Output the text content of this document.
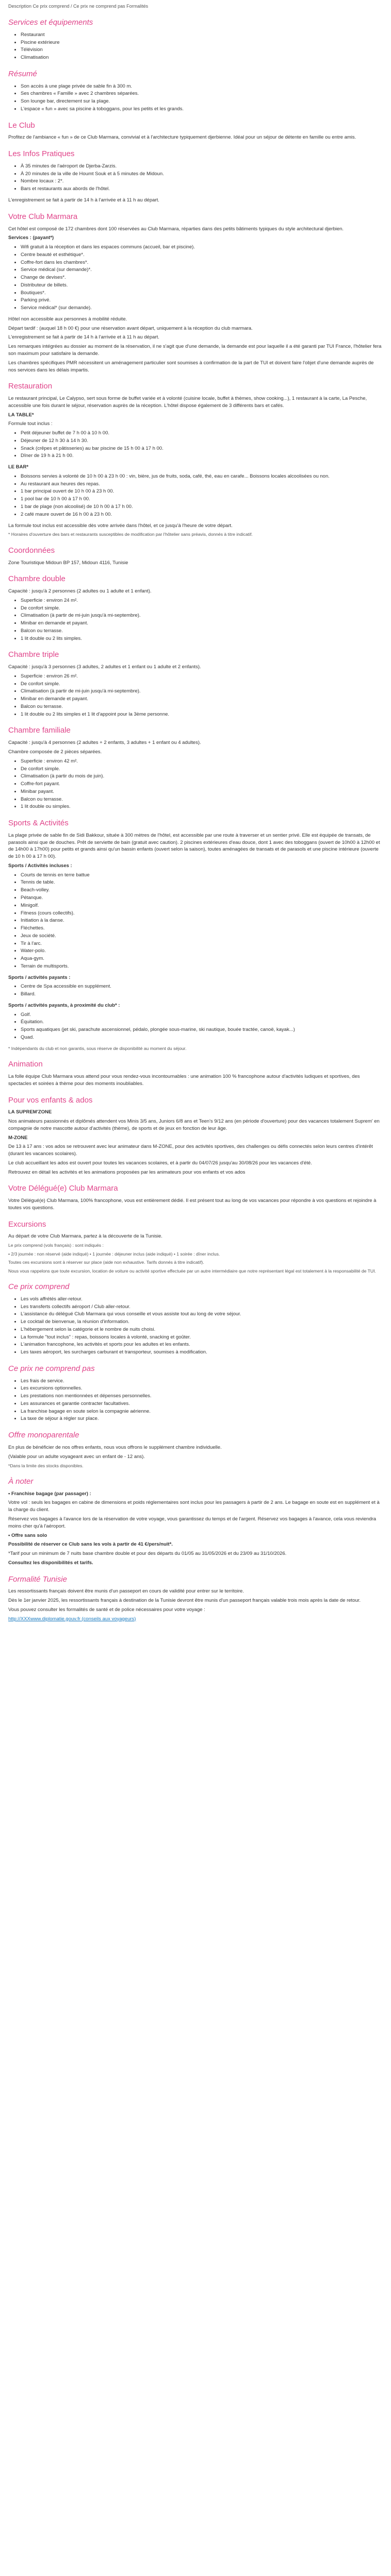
Description Ce prix comprend / Ce prix ne comprend pas Formalités
Services et équipements
• Restaurant
• Piscine extérieure
• Télévision
• Climatisation
Résumé
• Son accès à une plage privée de sable fin à 300 m.
• Ses chambres « Famille » avec 2 chambres séparées.
• Son lounge bar, directement sur la plage.
• L'espace « fun » avec sa piscine à toboggans, pour les petits et les grands.
Le Club

Profitez de l'ambiance « fun » de ce Club Marmara, convivial et à l'architecture typiquement djerbienne. Idéal pour un séjour de détente en famille ou entre amis.

Les Infos Pratiques
• À 35 minutes de l'aéroport de Djerba-Zarzis.
• À 20 minutes de la ville de Houmt Souk et à 5 minutes de Midoun.
• Nombre locaux : 2*.
• Bars et restaurants aux abords de l'hôtel.

L'enregistrement se fait à partir de 14 h à l'arrivée et à 11 h au départ.

Votre Club Marmara

Cet hôtel est composé de 172 chambres dont 100 réservées au Club Marmara, réparties dans des petits bâtiments typiques du style architectural djerbien.

Services : (payant*)

• Wifi gratuit à la réception et dans les espaces communs (accueil, bar et piscine).
• Centre beauté et esthétique*.
• Coffre-fort dans les chambres*.
• Service médical (sur demande)*.
• Change de devises*.
• Distributeur de billets.
• Boutiques*.
• Parking privé.
• Service médical* (sur demande).

Hôtel non accessible aux personnes à mobilité réduite.

Départ tardif : (auquel 18 h 00 €) pour une réservation avant départ, uniquement à la réception du club marmara.

L'enregistrement se fait à partir de 14 h à l'arrivée et à 11 h au départ.

Les remarques intégrées au dossier au moment de la réservation, il ne s'agit que d'une demande, la demande est pour laquelle il a été garanti par TUI France, l'hôtelier fera son maximum pour satisfaire la demande.

Les chambres spécifiques PMR nécessitent un aménagement particulier sont soumises à confirmation de la part de TUI et doivent faire l'objet d'une demande auprès de nos services dans les délais impartis.

Restauration

Le restaurant principal, Le Calypso, sert sous forme de buffet variée et à volonté (cuisine locale, buffet à thèmes, show cooking...), 1 restaurant à la carte, La Pesche, accessible une fois durant le séjour, réservation auprès de la réception. L'hôtel dispose également de 3 différents bars et cafés.

LA TABLE*

Formule tout inclus :

• Petit déjeuner buffet de 7 h 00 à 10 h 00.
• Déjeuner de 12 h 30 à 14 h 30.
• Snack (crêpes et pâtisseries) au bar piscine de 15 h 00 à 17 h 00.
• Dîner de 19 h à 21 h 00.

LE BAR*

• Boissons servies à volonté de 10 h 00 à 23 h 00 : vin, bière, jus de fruits, soda, café, thé, eau en carafe... Boissons locales alcoolisées ou non.
• Au restaurant aux heures des repas.
• 1 bar principal ouvert de 10 h 00 à 23 h 00.
• 1 pool bar de 10 h 00 à 17 h 00.
• 1 bar de plage (non alcoolisé) de 10 h 00 à 17 h 00.
• 2 café maure ouvert de 16 h 00 à 23 h 00.

La formule tout inclus est accessible dès votre arrivée dans l'hôtel, et ce jusqu'à l'heure de votre départ.

* Horaires d'ouverture des bars et restaurants susceptibles de modification par l'hôtelier sans préavis, donnés à titre indicatif.

Coordonnées

Zone Touristique Midoun BP 157, Midoun 4116, Tunisie

Chambre double

Capacité : jusqu'à 2 personnes (2 adultes ou 1 adulte et 1 enfant).

• Superficie : environ 24 m².
• De confort simple.
• Climatisation (à partir de mi-juin jusqu'à mi-septembre).
• Minibar en demande et payant.
• Balcon ou terrasse.
• 1 lit double ou 2 lits simples.
Chambre triple

Capacité : jusqu'à 3 personnes (3 adultes, 2 adultes et 1 enfant ou 1 adulte et 2 enfants).

• Superficie : environ 26 m².
• De confort simple.
• Climatisation (à partir de mi-juin jusqu'à mi-septembre).
• Minibar en demande et payant.
• Balcon ou terrasse.
• 1 lit double ou 2 lits simples et 1 lit d'appoint pour la 3ème personne.
Chambre familiale

Capacité : jusqu'à 4 personnes (2 adultes + 2 enfants, 3 adultes + 1 enfant ou 4 adultes).

Chambre composée de 2 pièces séparées.

• Superficie : environ 42 m².
• De confort simple.
• Climatisation (à partir du mois de juin).
• Coffre-fort payant.
• Minibar payant.
• Balcon ou terrasse.
• 1 lit double ou simples.
Sports & Activités

La plage privée de sable fin de Sidi Bakkour, située à 300 mètres de l'hôtel, est accessible par une route à traverser et un sentier privé. Elle est équipée de transats, de parasols ainsi que de douches. Prêt de serviette de bain (gratuit avec caution). 2 piscines extérieures d'eau douce, dont 1 avec des toboggans (ouvert de 10h00 à 12h00 et de 14h00 à 17h00) pour petits et grands ainsi qu'un bassin enfants (ouvert selon la saison), toutes aménagées de transats et de parasols et une piscine intérieure (ouverte de 10 h 00 à 17 h 00).

Sports / Activités incluses :

• Courts de tennis en terre battue
• Tennis de table.
• Beach-volley.
• Pétanque.
• Minigolf.
• Fitness (cours collectifs).
• Initiation à la danse.
• Fléchettes.
• Jeux de société.
• Tir à l'arc.
• Water-polo.
• Aqua-gym.
• Terrain de multisports.

Sports / activités payants :

• Centre de Spa accessible en supplément.
• Billard.

Sports / activités payants, à proximité du club* :

• Golf.
• Équitation.
• Sports aquatiques (jet ski, parachute ascensionnel, pédalo, plongée sous-marine, ski nautique, bouée tractée, canoë, kayak...)
• Quad.

* Indépendants du club et non garantis, sous réserve de disponibilité au moment du séjour.

Animation

La folle équipe Club Marmara vous attend pour vous rendez-vous incontournables : une animation 100 % francophone autour d'activités ludiques et sportives, des spectacles et soirées à thème pour des moments inoubliables.

Pour vos enfants & ados

LA SUPREM'ZONE

Nos animateurs passionnés et diplômés attendent vos Minis 3/5 ans, Juniors 6/8 ans et Teen's 9/12 ans (en période d'ouverture) pour des vacances totalement Suprem' en compagnie de notre mascotte autour d'activités (thème), de sports et de jeux en fonction de leur âge.

M-ZONE

De 13 à 17 ans : vos ados se retrouvent avec leur animateur dans M-ZONE, pour des activités sportives, des challenges ou défis connectés selon leurs centres d'intérêt (durant les vacances scolaires).

Le club accueillant les ados est ouvert pour toutes les vacances scolaires, et à partir du 04/07/26 jusqu'au 30/08/26 pour les vacances d'été.

Retrouvez en détail les activités et les animations proposées par les animateurs pour vos enfants et vos ados

Votre Délégué(e) Club Marmara

Votre Délégué(e) Club Marmara, 100% francophone, vous est entièrement dédié. Il est présent tout au long de vos vacances pour répondre à vos questions et rejoindre à toutes vos questions.

Excursions

Au départ de votre Club Marmara, partez à la découverte de la Tunisie.

Le prix comprend (vols français) : sont indiqués :

• 2/3 journée : non réservé (aide indiqué) • 1 journée : déjeuner inclus (aide indiqué) • 1 soirée : dîner inclus.

Toutes ces excursions sont à réserver sur place (aide non exhaustive. Tarifs donnés à titre indicatif).

Nous vous rappelons que toute excursion, location de voiture ou activité sportive effectuée par un autre intermédiaire que notre représentant légal est totalement à la responsabilité de TUI.

Ce prix comprend
• Les vols affrétés aller-retour.
• Les transferts collectifs aéroport / Club aller-retour.
• L'assistance du délégué Club Marmara qui vous conseille et vous assiste tout au long de votre séjour.
• Le cocktail de bienvenue, la réunion d'information.
• L'hébergement selon la catégorie et le nombre de nuits choisi.
• La formule "tout inclus" : repas, boissons locales à volonté, snacking et goûter.
• L'animation francophone, les activités et sports pour les adultes et les enfants.
• Les taxes aéroport, les surcharges carburant et transporteur, soumises à modification.
Ce prix ne comprend pas
• Les frais de service.
• Les excursions optionnelles.
• Les prestations non mentionnées et dépenses personnelles.
• Les assurances et garantie contracter facultatives.
• La franchise bagage en soute selon la compagnie aérienne.
• La taxe de séjour à régler sur place.
Offre monoparentale

En plus de bénéficier de nos offres enfants, nous vous offrons le supplément chambre individuelle.

(Valable pour un adulte voyageant avec un enfant de - 12 ans).

*Dans la limite des stocks disponibles.

À noter

• Franchise bagage (par passager) :

Votre vol : seuls les bagages en cabine de dimensions et poids réglementaires sont inclus pour les passagers à partir de 2 ans. Le bagage en soute est en supplément et à la charge du client.

Réservez vos bagages à l'avance lors de la réservation de votre voyage, vous garantissez du temps et de l'argent. Réservez vos bagages à l'avance, cela vous reviendra moins cher qu'à l'aéroport.

• Offre sans solo

Possibilité de réserver ce Club sans les vols à partir de 41 €/pers/nuit*.

*Tarif pour un minimum de 7 nuits base chambre double et pour des départs du 01/05 au 31/05/2026 et du 23/09 au 31/10/2026.

Consultez les disponibilités et tarifs.

Formalité Tunisie

Les ressortissants français doivent être munis d'un passeport en cours de validité pour entrer sur le territoire.

Dès le 1er janvier 2025, les ressortissants français à destination de la Tunisie devront être munis d'un passeport français valable trois mois après la date de retour.

Vous pouvez consulter les formalités de santé et de police nécessaires pour votre voyage :

http://XXXwww.diplomatie.gouv.fr (conseils aux voyageurs)
